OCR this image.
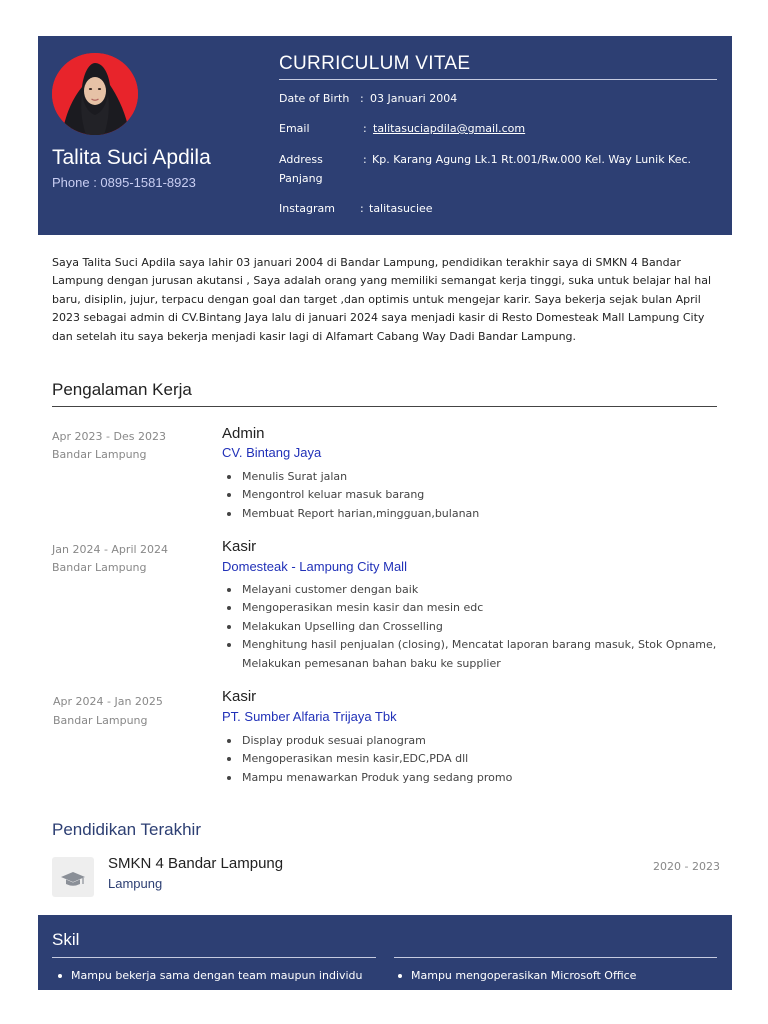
Talita Suci Apdila
Phone : 0895-1581-8923
CURRICULUM VITAE
Date of Birth : 03 Januari 2004
Email	: talitasuciapdila@gmail.com
Address	: Kp. Karang Agung Lk.1 Rt.001/Rw.000 Kel. Way Lunik Kec.
Panjang
Instagram : talitasuciee
Saya Talita Suci Apdila saya lahir 03 januari 2004 di Bandar Lampung, pendidikan terakhir saya di SMKN 4 Bandar Lampung dengan jurusan akutansi , Saya adalah orang yang memiliki semangat kerja tinggi, suka untuk belajar hal hal baru, disiplin, jujur, terpacu dengan goal dan target ,dan optimis untuk mengejar karir. Saya bekerja sejak bulan April 2023 sebagai admin di CV.Bintang Jaya lalu di januari 2024 saya menjadi kasir di Resto Domesteak Mall Lampung City dan setelah itu saya bekerja menjadi kasir lagi di Alfamart Cabang Way Dadi Bandar Lampung.
Pengalaman Kerja
Apr 2023 - Des 2023
Bandar Lampung
Admin
CV. Bintang Jaya
Menulis Surat jalan
Mengontrol keluar masuk barang
Membuat Report harian,mingguan,bulanan
Jan 2024 - April 2024
Bandar Lampung
Kasir
Domesteak - Lampung City Mall
Melayani customer dengan baik
Mengoperasikan mesin kasir dan mesin edc
Melakukan Upselling dan Crosselling
Menghitung hasil penjualan (closing), Mencatat laporan barang masuk, Stok Opname, Melakukan pemesanan bahan baku ke supplier
Apr 2024 - Jan 2025
Bandar Lampung
Kasir
PT. Sumber Alfaria Trijaya Tbk
Display produk sesuai planogram
Mengoperasikan mesin kasir,EDC,PDA dll
Mampu menawarkan Produk yang sedang promo
Pendidikan Terakhir
SMKN 4 Bandar Lampung
Lampung
2020 - 2023
Skil
Mampu bekerja sama dengan team maupun individu	Mampu mengoperasikan Microsoft Office
